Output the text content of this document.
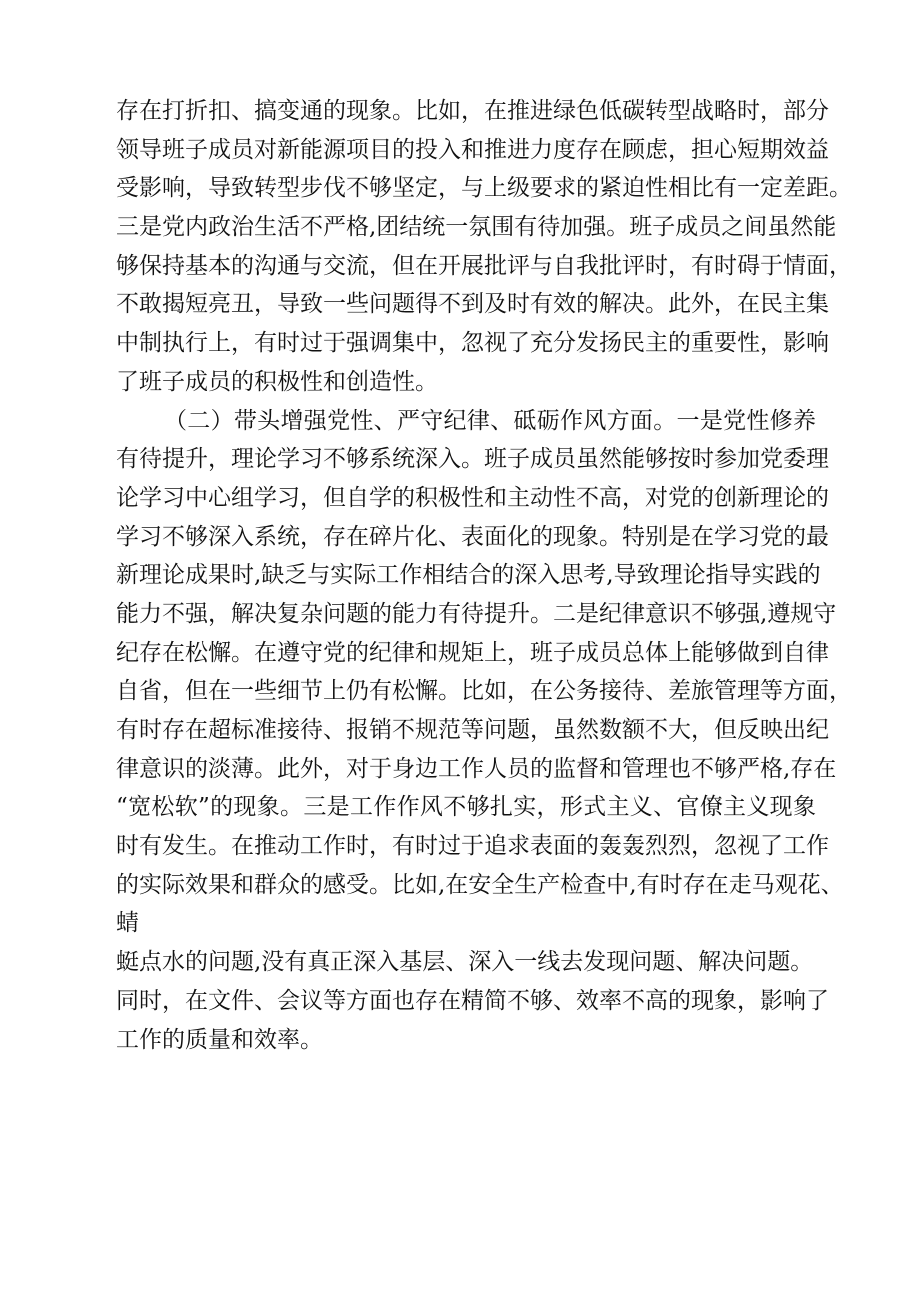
存在打折扣、搞变通的现象。比如，在推进绿色低碳转型战略时，部分
领导班子成员对新能源项目的投入和推进力度存在顾虑，担心短期效益
受影响，导致转型步伐不够坚定，与上级要求的紧迫性相比有一定差距。
三是党内政治生活不严格,团结统一氛围有待加强。班子成员之间虽然能
够保持基本的沟通与交流，但在开展批评与自我批评时，有时碍于情面，
不敢揭短亮丑，导致一些问题得不到及时有效的解决。此外，在民主集
中制执行上，有时过于强调集中，忽视了充分发扬民主的重要性，影响
了班子成员的积极性和创造性。
（二）带头增强党性、严守纪律、砥砺作风方面。一是党性修养
有待提升，理论学习不够系统深入。班子成员虽然能够按时参加党委理
论学习中心组学习，但自学的积极性和主动性不高，对党的创新理论的
学习不够深入系统，存在碎片化、表面化的现象。特别是在学习党的最
新理论成果时,缺乏与实际工作相结合的深入思考,导致理论指导实践的
能力不强，解决复杂问题的能力有待提升。二是纪律意识不够强,遵规守
纪存在松懈。在遵守党的纪律和规矩上，班子成员总体上能够做到自律
自省，但在一些细节上仍有松懈。比如，在公务接待、差旅管理等方面，
有时存在超标准接待、报销不规范等问题，虽然数额不大，但反映出纪
律意识的淡薄。此外，对于身边工作人员的监督和管理也不够严格,存在
“宽松软”的现象。三是工作作风不够扎实，形式主义、官僚主义现象
时有发生。在推动工作时，有时过于追求表面的轰轰烈烈，忽视了工作
的实际效果和群众的感受。比如,在安全生产检查中,有时存在走马观花、
蜻
蜓点水的问题,没有真正深入基层、深入一线去发现问题、解决问题。
同时，在文件、会议等方面也存在精简不够、效率不高的现象，影响了
工作的质量和效率。
